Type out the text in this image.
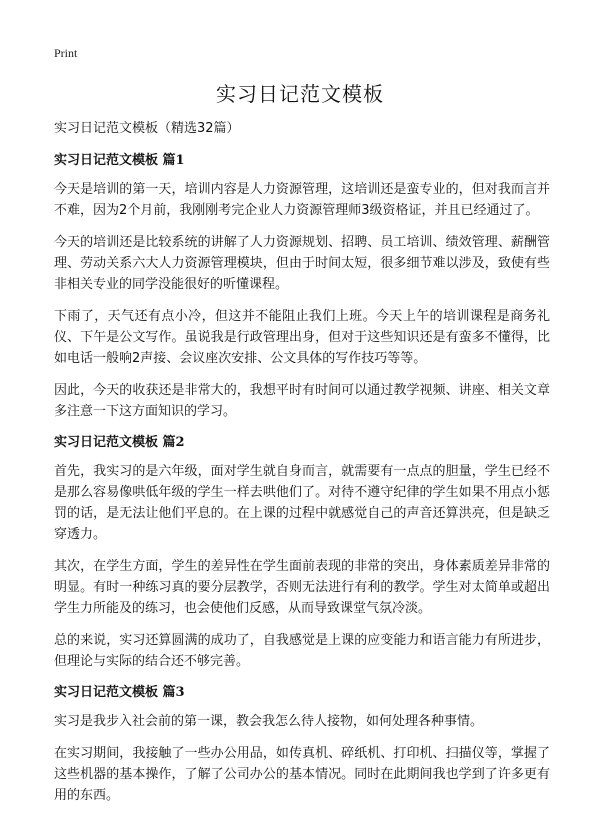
Print
实习日记范文模板

实习日记范文模板（精选32篇）

实习日记范文模板 篇1

今天是培训的第一天，培训内容是人力资源管理，这培训还是蛮专业的，但对我而言并不难，因为2个月前，我刚刚考完企业人力资源管理师3级资格证，并且已经通过了。

今天的培训还是比较系统的讲解了人力资源规划、招聘、员工培训、绩效管理、薪酬管理、劳动关系六大人力资源管理模块，但由于时间太短，很多细节难以涉及，致使有些非相关专业的同学没能很好的听懂课程。

下雨了，天气还有点小冷，但这并不能阻止我们上班。今天上午的培训课程是商务礼仪、下午是公文写作。虽说我是行政管理出身，但对于这些知识还是有蛮多不懂得，比如电话一般响2声接、会议座次安排、公文具体的写作技巧等等。

因此，今天的收获还是非常大的，我想平时有时间可以通过教学视频、讲座、相关文章多注意一下这方面知识的学习。

实习日记范文模板 篇2

首先，我实习的是六年级，面对学生就自身而言，就需要有一点点的胆量，学生已经不是那么容易像哄低年级的学生一样去哄他们了。对待不遵守纪律的学生如果不用点小惩罚的话，是无法让他们平息的。在上课的过程中就感觉自己的声音还算洪亮，但是缺乏穿透力。

其次，在学生方面，学生的差异性在学生面前表现的非常的突出，身体素质差异非常的明显。有时一种练习真的要分层教学，否则无法进行有利的教学。学生对太简单或超出学生力所能及的练习，也会使他们反感，从而导致课堂气氛冷淡。

总的来说，实习还算圆满的成功了，自我感觉是上课的应变能力和语言能力有所进步，但理论与实际的结合还不够完善。

实习日记范文模板 篇3

实习是我步入社会前的第一课，教会我怎么待人接物，如何处理各种事情。

在实习期间，我接触了一些办公用品，如传真机、碎纸机、打印机、扫描仪等，掌握了这些机器的基本操作，了解了公司办公的基本情况。同时在此期间我也学到了许多更有用的东西。
